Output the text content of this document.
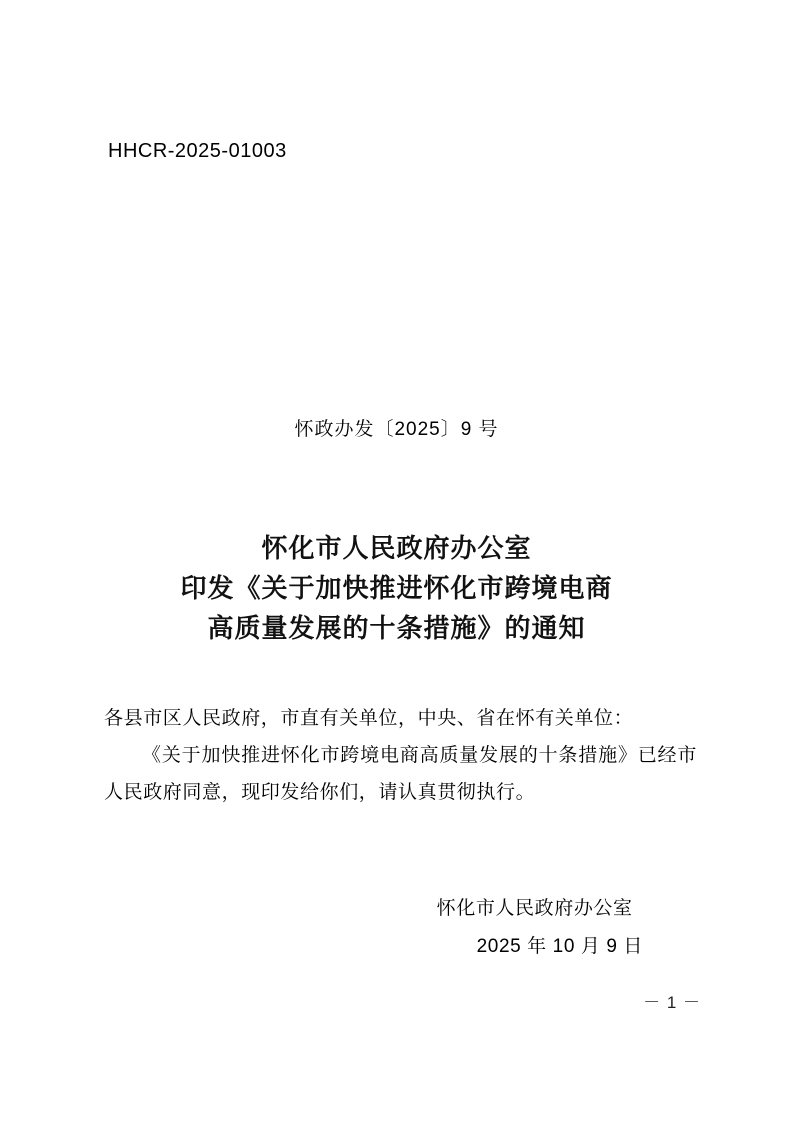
HHCR-2025-01003
怀政办发〔2025〕9 号
怀化市人民政府办公室
印发《关于加快推进怀化市跨境电商
高质量发展的十条措施》的通知
各县市区人民政府，市直有关单位，中央、省在怀有关单位：
《关于加快推进怀化市跨境电商高质量发展的十条措施》已经市人民政府同意，现印发给你们，请认真贯彻执行。
怀化市人民政府办公室
2025 年 10 月 9 日
－ 1 －
